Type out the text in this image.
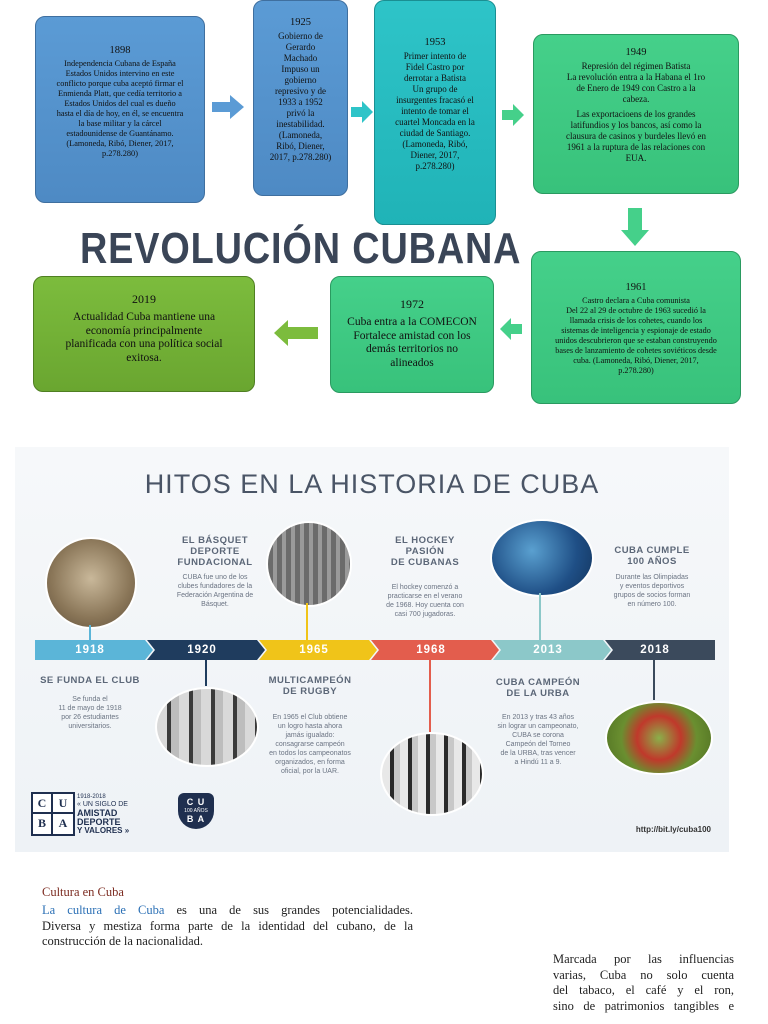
1898
Independencia Cubana de España
Estados Unidos intervino en este
conflicto porque cuba aceptó firmar el
Enmienda Platt, que cedía territorio a
Estados Unidos del cual es dueño
hasta el día de hoy, en él, se encuentra
la base militar y la cárcel
estadounidense de Guantánamo.
(Lamoneda, Ribó, Diener, 2017,
p.278.280)
1925
Gobierno de
Gerardo
Machado
Impuso un
gobierno
represivo y de
1933 a 1952
privó la
inestabilidad.
(Lamoneda,
Ribó, Diener,
2017, p.278.280)
1953
Primer intento de
Fidel Castro por
derrotar a Batista
Un grupo de
insurgentes fracasó el
intento de tomar el
cuartel Moncada en la
ciudad de Santiago.
(Lamoneda, Ribó,
Diener, 2017,
p.278.280)
1949
Represión del régimen Batista
La revolución entra a la Habana el 1ro
de Enero de 1949 con Castro a la
cabeza.
Las exportacioens de los grandes
latifundios y los bancos, así como la
clausura de casinos y burdeles llevó en
1961 a la ruptura de las relaciones con
EUA.
REVOLUCIÓN CUBANA
1961
Castro declara a Cuba comunista
Del 22 al 29 de octubre de 1963 sucedió la
llamada crisis de los cohetes, cuando los
sistemas de inteligencia y espionaje de estado
unidos descubrieron que se estaban construyendo
bases de lanzamiento de cohetes soviéticos desde
cuba. (Lamoneda, Ribó, Diener, 2017,
p.278.280)
1972
Cuba entra a la COMECON
Fortalece amistad con los
demás territorios no
alineados
2019
Actualidad Cuba mantiene una
economía principalmente
planificada con una política social
exitosa.
HITOS EN LA HISTORIA DE CUBA
EL BÁSQUET
DEPORTE
FUNDACIONAL
CUBA fue uno de los
clubes fundadores de la
Federación Argentina de
Básquet.
EL HOCKEY
PASIÓN
DE CUBANAS
El hockey comenzó a
practicarse en el verano
de 1968. Hoy cuenta con
casi 700 jugadoras.
CUBA CUMPLE
100 AÑOS
Durante las Olimpiadas
y eventos deportivos
grupos de socios forman
en número 100.
1918	1920	1965	1968	2013	2018
SE FUNDA EL CLUB
Se funda el
11 de mayo de 1918
por 26 estudiantes
universitarios.
MULTICAMPEÓN
DE RUGBY
En 1965 el Club obtiene
un logro hasta ahora
jamás igualado:
consagrarse campeón
en todos los campeonatos
organizados, en forma
oficial, por la UAR.
CUBA CAMPEÓN
DE LA URBA
En 2013 y tras 43 años
sin lograr un campeonato,
CUBA se corona
Campeón del Torneo
de la URBA, tras vencer
a Hindú 11 a 9.
C	U
B	A
1918-2018
« UN SIGLO DE
AMISTAD
DEPORTE
Y VALORES »
C U
100 AÑOS
B A
http://bit.ly/cuba100
Cultura en Cuba
La cultura de Cuba es una de sus grandes potencialidades.
Diversa y mestiza forma parte de la identidad del cubano, de la
construcción de la nacionalidad.
Marcada por las influencias
varias, Cuba no solo cuenta
del tabaco, el café y el ron,
sino de patrimonios tangibles e
